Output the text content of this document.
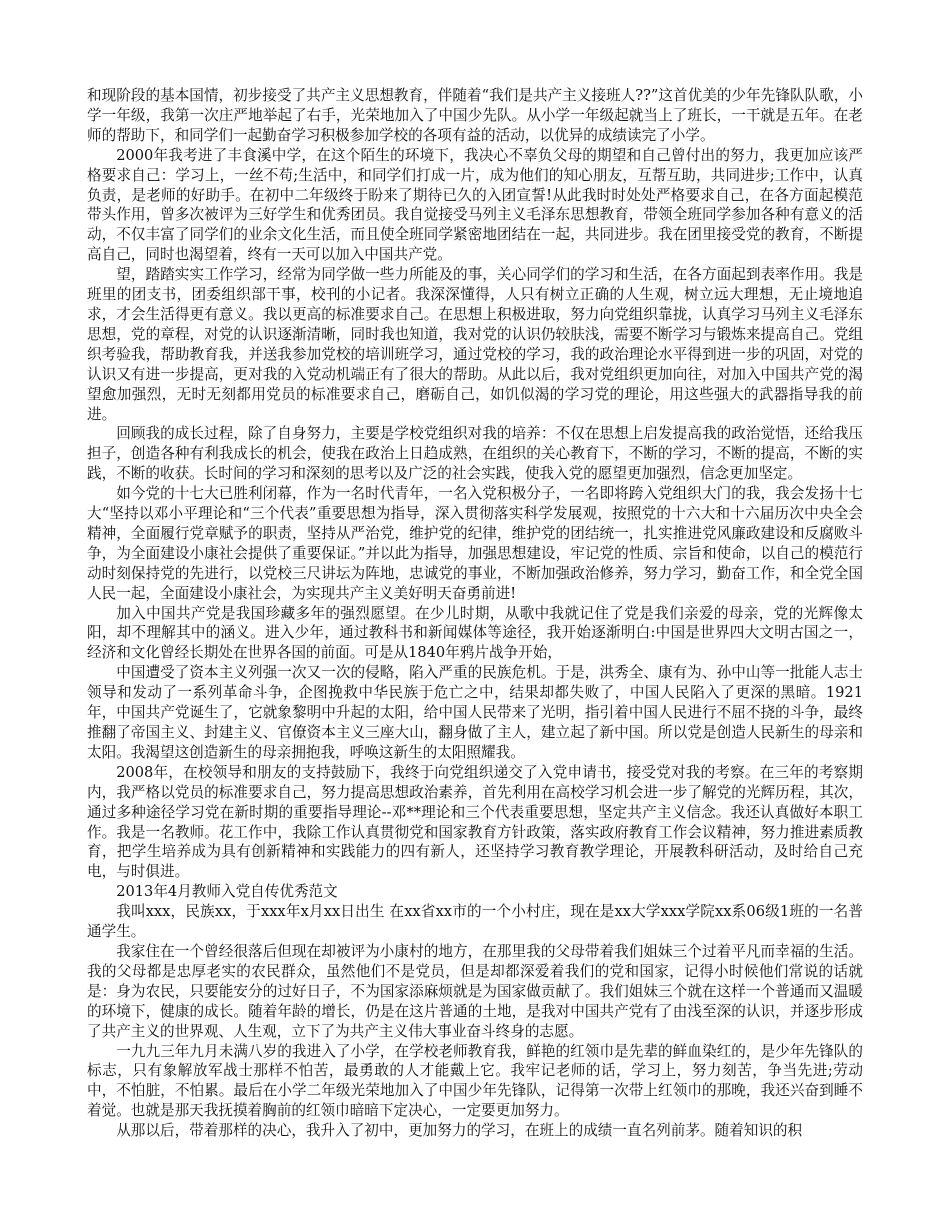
和现阶段的基本国情，初步接受了共产主义思想教育，伴随着“我们是共产主义接班人??”这首优美的少年先锋队队歌，小学一年级，我第一次庄严地举起了右手，光荣地加入了中国少先队。从小学一年级起就当上了班长，一干就是五年。在老师的帮助下，和同学们一起勤奋学习积极参加学校的各项有益的活动，以优异的成绩读完了小学。

2000年我考进了丰食溪中学，在这个陌生的环境下，我决心不辜负父母的期望和自己曾付出的努力，我更加应该严格要求自己：学习上，一丝不苟;生活中，和同学们打成一片，成为他们的知心朋友，互帮互助，共同进步;工作中，认真负责，是老师的好助手。在初中二年级终于盼来了期待已久的入团宣誓!从此我时时处处严格要求自己，在各方面起模范带头作用，曾多次被评为三好学生和优秀团员。我自觉接受马列主义毛泽东思想教育，带领全班同学参加各种有意义的活动，不仅丰富了同学们的业余文化生活，而且使全班同学紧密地团结在一起，共同进步。我在团里接受党的教育，不断提高自己，同时也渴望着，终有一天可以加入中国共产党。

望，踏踏实实工作学习，经常为同学做一些力所能及的事，关心同学们的学习和生活，在各方面起到表率作用。我是班里的团支书，团委组织部干事，校刊的小记者。我深深懂得，人只有树立正确的人生观，树立远大理想，无止境地追求，才会生活得更有意义。我以更高的标准要求自己。在思想上积极进取，努力向党组织靠拢，认真学习马列主义毛泽东思想，党的章程，对党的认识逐渐清晰，同时我也知道，我对党的认识仍较肤浅，需要不断学习与锻炼来提高自己。党组织考验我，帮助教育我，并送我参加党校的培训班学习，通过党校的学习，我的政治理论水平得到进一步的巩固，对党的认识又有进一步提高，更对我的入党动机端正有了很大的帮助。从此以后，我对党组织更加向往，对加入中国共产党的渴望愈加强烈，无时无刻都用党员的标准要求自己，磨砺自己，如饥似渴的学习党的理论，用这些强大的武器指导我的前进。

回顾我的成长过程，除了自身努力，主要是学校党组织对我的培养：不仅在思想上启发提高我的政治觉悟，还给我压担子，创造各种有利我成长的机会，使我在政治上日趋成熟，在组织的关心教育下，不断的学习，不断的提高，不断的实践，不断的收获。长时间的学习和深刻的思考以及广泛的社会实践，使我入党的愿望更加强烈，信念更加坚定。

如今党的十七大已胜利闭幕，作为一名时代青年，一名入党积极分子，一名即将跨入党组织大门的我，我会发扬十七大“坚持以邓小平理论和“三个代表”重要思想为指导，深入贯彻落实科学发展观，按照党的十六大和十六届历次中央全会精神，全面履行党章赋予的职责，坚持从严治党，维护党的纪律，维护党的团结统一，扎实推进党风廉政建设和反腐败斗争，为全面建设小康社会提供了重要保证。”并以此为指导，加强思想建设，牢记党的性质、宗旨和使命，以自己的模范行动时刻保持党的先进行，以党校三尺讲坛为阵地，忠诚党的事业，不断加强政治修养，努力学习，勤奋工作，和全党全国人民一起，全面建设小康社会，为实现共产主义美好明天奋勇前进!

加入中国共产党是我国珍藏多年的强烈愿望。在少儿时期，从歌中我就记住了党是我们亲爱的母亲，党的光辉像太阳，却不理解其中的涵义。进入少年，通过教科书和新闻媒体等途径，我开始逐渐明白:中国是世界四大文明古国之一，经济和文化曾经长期处在世界各国的前面。可是从1840年鸦片战争开始，

中国遭受了资本主义列强一次又一次的侵略，陷入严重的民族危机。于是，洪秀全、康有为、孙中山等一批能人志士领导和发动了一系列革命斗争，企图挽救中华民族于危亡之中，结果却都失败了，中国人民陷入了更深的黑暗。1921年，中国共产党诞生了，它就象黎明中升起的太阳，给中国人民带来了光明，指引着中国人民进行不屈不挠的斗争，最终推翻了帝国主义、封建主义、官僚资本主义三座大山，翻身做了主人，建立起了新中国。所以党是创造人民新生的母亲和太阳。我渴望这创造新生的母亲拥抱我，呼唤这新生的太阳照耀我。

2008年，在校领导和朋友的支持鼓励下，我终于向党组织递交了入党申请书，接受党对我的考察。在三年的考察期内，我严格以党员的标准要求自己，努力提高思想政治素养，首先利用在高校学习机会进一步了解党的光辉历程，其次，通过多种途径学习党在新时期的重要指导理论--邓**理论和三个代表重要思想，坚定共产主义信念。我还认真做好本职工作。我是一名教师。花工作中，我除工作认真贯彻党和国家教育方针政策，落实政府教育工作会议精神，努力推进素质教育，把学生培养成为具有创新精神和实践能力的四有新人，还坚持学习教育教学理论，开展教科研活动，及时给自己充电，与时俱进。

2013年4月教师入党自传优秀范文

我叫xxx，民族xx，于xxx年x月xx日出生 在xx省xx市的一个小村庄，现在是xx大学xxx学院xx系06级1班的一名普通学生。

我家住在一个曾经很落后但现在却被评为小康村的地方，在那里我的父母带着我们姐妹三个过着平凡而幸福的生活。我的父母都是忠厚老实的农民群众，虽然他们不是党员，但是却都深爱着我们的党和国家，记得小时候他们常说的话就是：身为农民，只要能安分的过好日子，不为国家添麻烦就是为国家做贡献了。我们姐妹三个就在这样一个普通而又温暖的环境下，健康的成长。随着年龄的增长，仍是在这片普通的土地，是我对中国共产党有了由浅至深的认识，并逐步形成了共产主义的世界观、人生观，立下了为共产主义伟大事业奋斗终身的志愿。

一九九三年九月未满八岁的我进入了小学，在学校老师教育我，鲜艳的红领巾是先辈的鲜血染红的，是少年先锋队的标志，只有象解放军战士那样不怕苦，最勇敢的人才能戴上它。我牢记老师的话，学习上，努力刻苦，争当先进;劳动中，不怕脏，不怕累。最后在小学二年级光荣地加入了中国少年先锋队，记得第一次带上红领巾的那晚，我还兴奋到睡不着觉。也就是那天我抚摸着胸前的红领巾暗暗下定决心，一定要更加努力。

从那以后，带着那样的决心，我升入了初中，更加努力的学习，在班上的成绩一直名列前茅。随着知识的积
